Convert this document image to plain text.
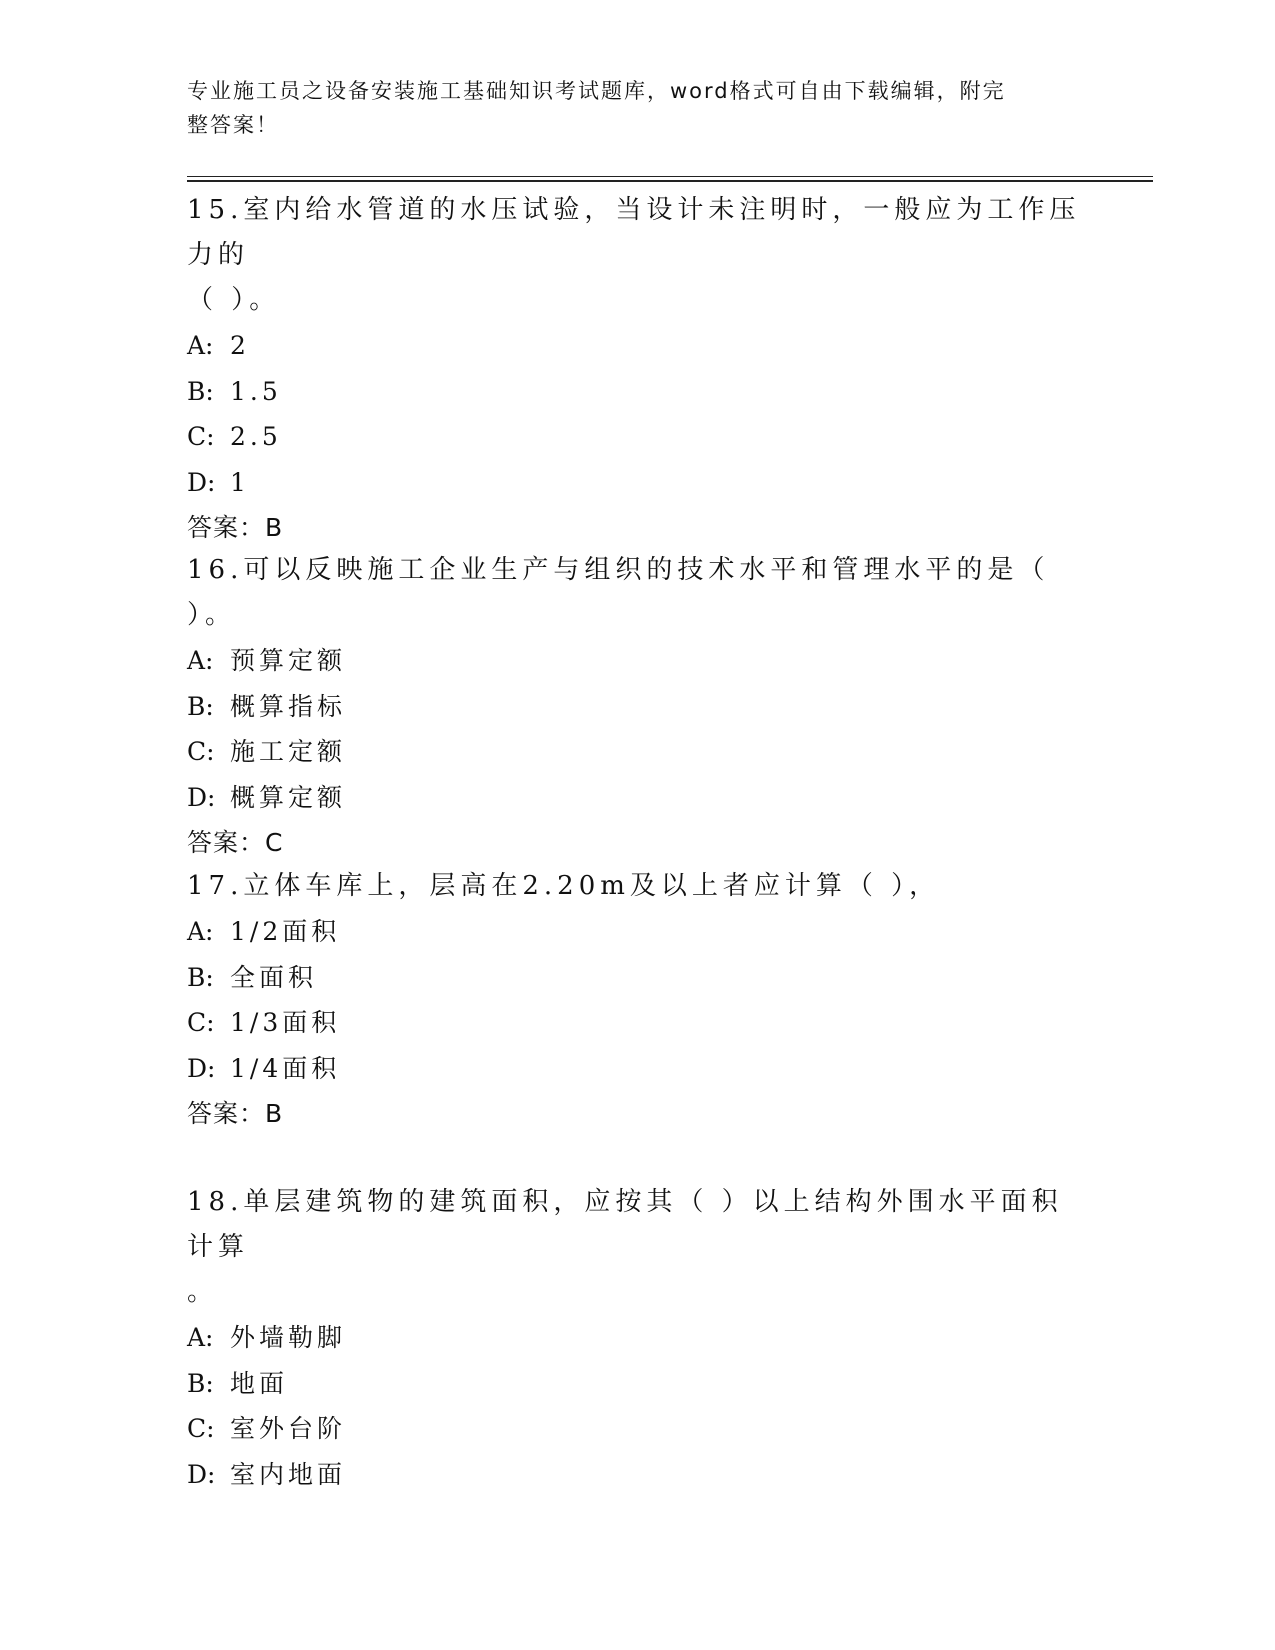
专业施工员之设备安装施工基础知识考试题库，word格式可自由下载编辑，附完
整答案！

15.室内给水管道的水压试验，当设计未注明时，一般应为工作压力的

（ ）。

A: 2

B: 1.5

C: 2.5

D: 1

答案：B

16.可以反映施工企业生产与组织的技术水平和管理水平的是（ ）。

A: 预算定额

B: 概算指标

C: 施工定额

D: 概算定额

答案：C

17.立体车库上，层高在2.20m及以上者应计算（ ），

A: 1/2面积

B: 全面积

C: 1/3面积

D: 1/4面积

答案：B

18.单层建筑物的建筑面积，应按其（ ）以上结构外围水平面积计算

。

A: 外墙勒脚

B: 地面

C: 室外台阶

D: 室内地面
